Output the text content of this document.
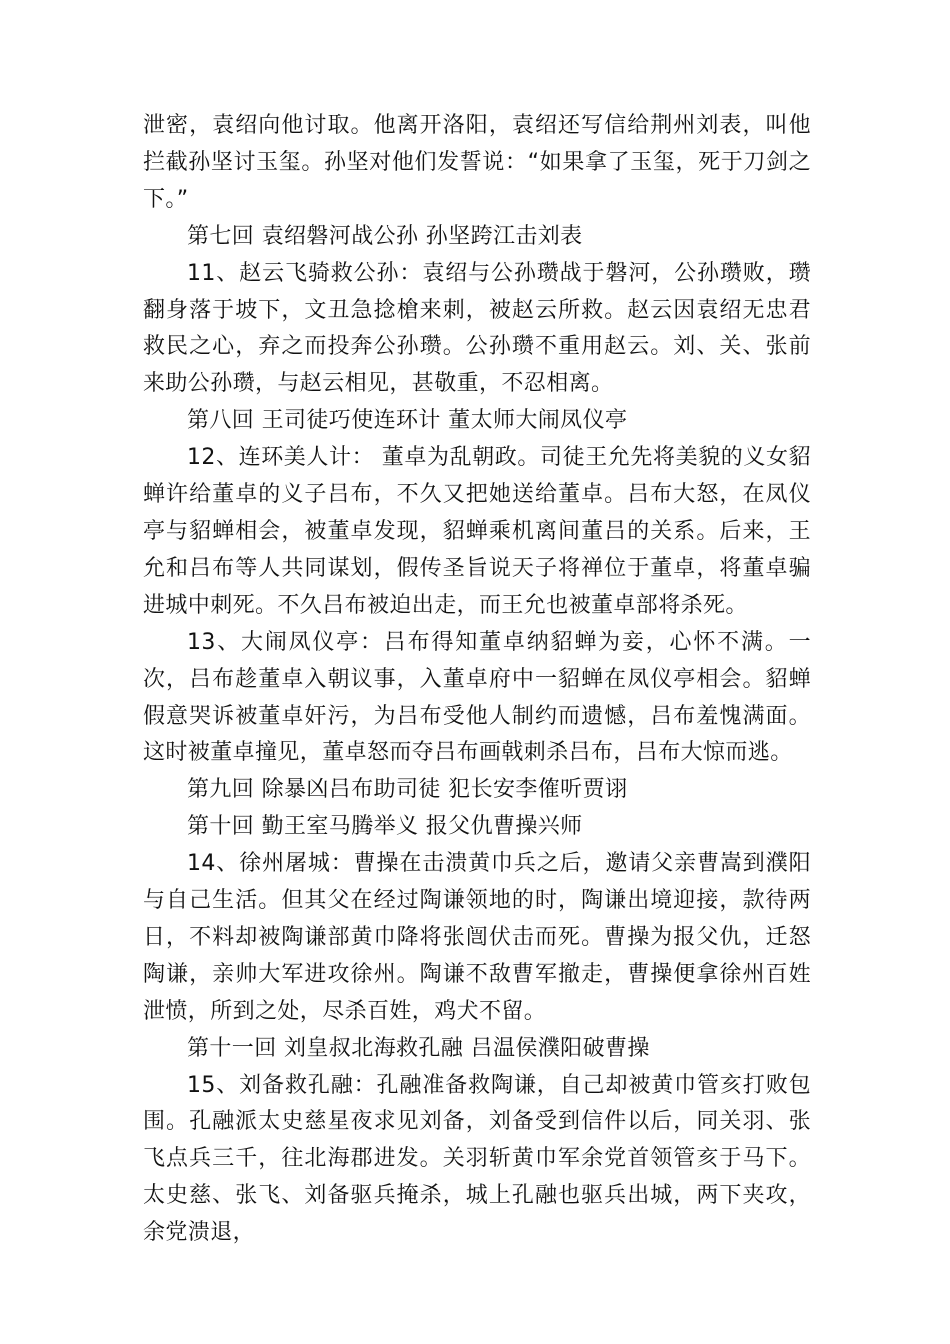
泄密，袁绍向他讨取。他离开洛阳，袁绍还写信给荆州刘表，叫他拦截孙坚讨玉玺。孙坚对他们发誓说：“如果拿了玉玺，死于刀剑之下。”

第七回 袁绍磐河战公孙 孙坚跨江击刘表

11、赵云飞骑救公孙：袁绍与公孙瓒战于磐河，公孙瓒败，瓒翻身落于坡下，文丑急捻槍来刺，被赵云所救。赵云因袁绍无忠君救民之心，弃之而投奔公孙瓒。公孙瓒不重用赵云。刘、关、张前来助公孙瓒，与赵云相见，甚敬重，不忍相离。

第八回 王司徒巧使连环计 董太师大闹凤仪亭

12、连环美人计： 董卓为乱朝政。司徒王允先将美貌的义女貂蝉许给董卓的义子吕布，不久又把她送给董卓。吕布大怒，在凤仪亭与貂蝉相会，被董卓发现，貂蝉乘机离间董吕的关系。后来，王允和吕布等人共同谋划，假传圣旨说天子将禅位于董卓，将董卓骗进城中刺死。不久吕布被迫出走，而王允也被董卓部将杀死。

13、大闹凤仪亭：吕布得知董卓纳貂蝉为妾，心怀不满。一次，吕布趁董卓入朝议事，入董卓府中一貂蝉在凤仪亭相会。貂蝉假意哭诉被董卓奸污，为吕布受他人制约而遗憾，吕布羞愧满面。这时被董卓撞见，董卓怒而夺吕布画戟刺杀吕布，吕布大惊而逃。

第九回 除暴凶吕布助司徒 犯长安李傕听贾诩

第十回 勤王室马腾举义 报父仇曹操兴师

14、徐州屠城：曹操在击溃黄巾兵之后，邀请父亲曹嵩到濮阳与自己生活。但其父在经过陶谦领地的时，陶谦出境迎接，款待两日，不料却被陶谦部黄巾降将张闿伏击而死。曹操为报父仇，迁怒陶谦，亲帅大军进攻徐州。陶谦不敌曹军撤走，曹操便拿徐州百姓泄愤，所到之处，尽杀百姓，鸡犬不留。

第十一回 刘皇叔北海救孔融 吕温侯濮阳破曹操

15、刘备救孔融：孔融准备救陶谦，自己却被黄巾管亥打败包围。孔融派太史慈星夜求见刘备，刘备受到信件以后，同关羽、张飞点兵三千，往北海郡进发。关羽斩黄巾军余党首领管亥于马下。太史慈、张飞、刘备驱兵掩杀，城上孔融也驱兵出城，两下夹攻，余党溃退，
